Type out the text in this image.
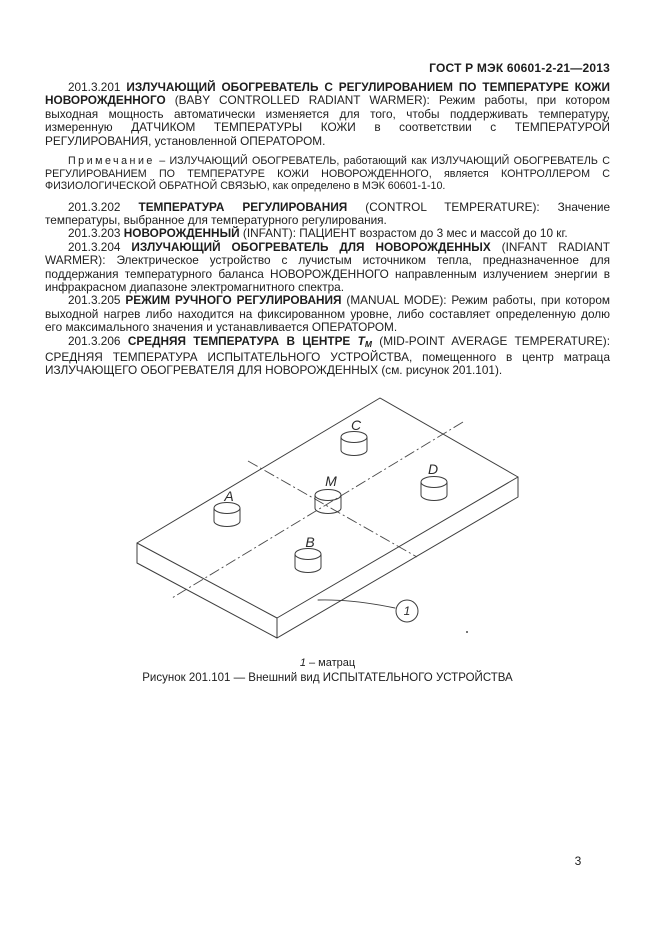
ГОСТ Р МЭК 60601-2-21—2013

201.3.201 ИЗЛУЧАЮЩИЙ ОБОГРЕВАТЕЛЬ С РЕГУЛИРОВАНИЕМ ПО ТЕМПЕРАТУРЕ КОЖИ НОВОРОЖДЕННОГО (BABY CONTROLLED RADIANT WARMER): Режим работы, при котором выходная мощность автоматически изменяется для того, чтобы поддерживать температуру, измеренную ДАТЧИКОМ ТЕМПЕРАТУРЫ КОЖИ в соответствии с ТЕМПЕРАТУРОЙ РЕГУЛИРОВАНИЯ, установленной ОПЕРАТОРОМ.

Примечание – ИЗЛУЧАЮЩИЙ ОБОГРЕВАТЕЛЬ, работающий как ИЗЛУЧАЮЩИЙ ОБОГРЕВАТЕЛЬ С РЕГУЛИРОВАНИЕМ ПО ТЕМПЕРАТУРЕ КОЖИ НОВОРОЖДЕННОГО, является КОНТРОЛЛЕРОМ С ФИЗИОЛОГИЧЕСКОЙ ОБРАТНОЙ СВЯЗЬЮ, как определено в МЭК 60601-1-10.

201.3.202 ТЕМПЕРАТУРА РЕГУЛИРОВАНИЯ (CONTROL TEMPERATURE): Значение температуры, выбранное для температурного регулирования.

201.3.203 НОВОРОЖДЕННЫЙ (INFANT): ПАЦИЕНТ возрастом до 3 мес и массой до 10 кг.

201.3.204 ИЗЛУЧАЮЩИЙ ОБОГРЕВАТЕЛЬ ДЛЯ НОВОРОЖДЕННЫХ (INFANT RADIANT WARMER): Электрическое устройство с лучистым источником тепла, предназначенное для поддержания температурного баланса НОВОРОЖДЕННОГО направленным излучением энергии в инфракрасном диапазоне электромагнитного спектра.

201.3.205 РЕЖИМ РУЧНОГО РЕГУЛИРОВАНИЯ (MANUAL MODE): Режим работы, при котором выходной нагрев либо находится на фиксированном уровне, либо составляет определенную долю его максимального значения и устанавливается ОПЕРАТОРОМ.

201.3.206 СРЕДНЯЯ ТЕМПЕРАТУРА В ЦЕНТРЕ $T_M$ (MID-POINT AVERAGE TEMPERATURE): СРЕДНЯЯ ТЕМПЕРАТУРА ИСПЫТАТЕЛЬНОГО УСТРОЙСТВА, помещенного в центр матраца ИЗЛУЧАЮЩЕГО ОБОГРЕВАТЕЛЯ ДЛЯ НОВОРОЖДЕННЫХ (см. рисунок 201.101).

A
B
C
D
M
1
1 – матрац
Рисунок 201.101 — Внешний вид ИСПЫТАТЕЛЬНОГО УСТРОЙСТВА
3
